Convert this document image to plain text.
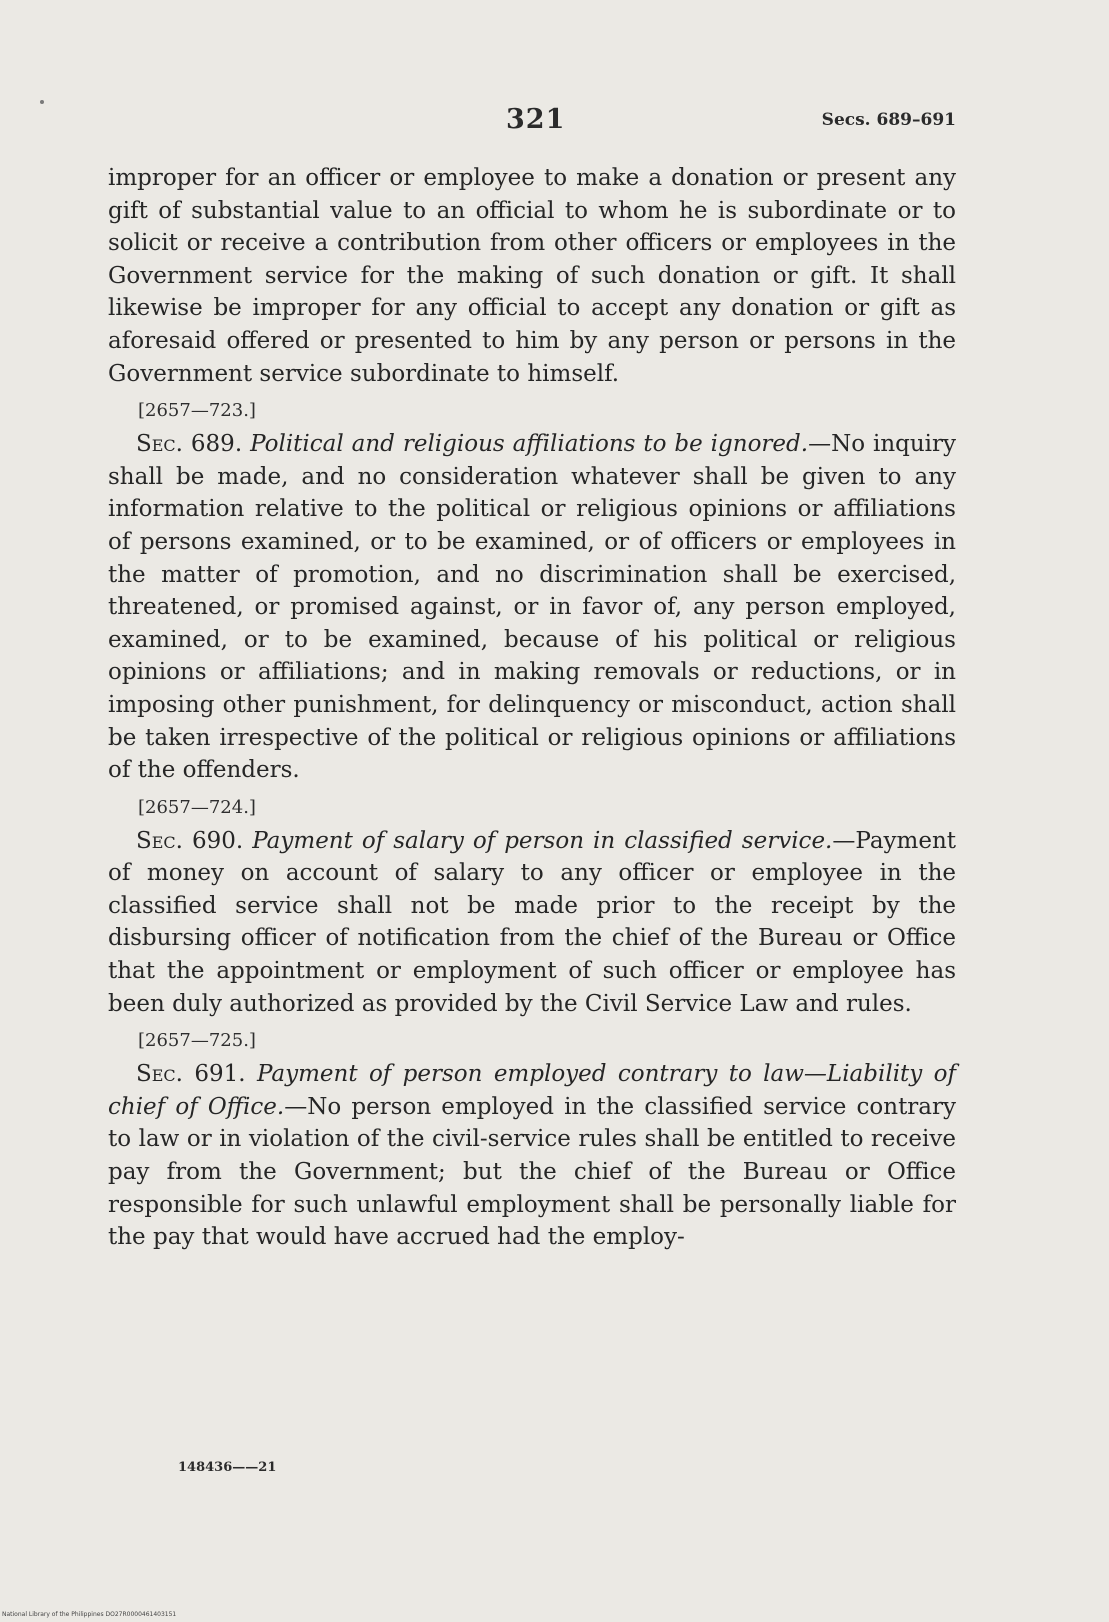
321	Secs. 689–691

improper for an officer or employee to make a donation or present any gift of substantial value to an official to whom he is subordinate or to solicit or receive a contribution from other officers or employees in the Government service for the making of such donation or gift. It shall likewise be improper for any official to accept any donation or gift as aforesaid offered or presented to him by any person or persons in the Government service subordinate to himself.

[2657—723.]

Sec. 689. Political and religious affiliations to be ignored.—No inquiry shall be made, and no consideration whatever shall be given to any information relative to the political or religious opinions or affiliations of persons examined, or to be examined, or of officers or employees in the matter of promotion, and no discrimination shall be exercised, threatened, or promised against, or in favor of, any person employed, examined, or to be examined, because of his political or religious opinions or affiliations; and in making removals or reductions, or in imposing other punishment, for delinquency or misconduct, action shall be taken irrespective of the political or religious opinions or affiliations of the offenders.

[2657—724.]

Sec. 690. Payment of salary of person in classified service.—Payment of money on account of salary to any officer or employee in the classified service shall not be made prior to the receipt by the disbursing officer of notification from the chief of the Bureau or Office that the appointment or employment of such officer or employee has been duly authorized as provided by the Civil Service Law and rules.

[2657—725.]

Sec. 691. Payment of person employed contrary to law—Liability of chief of Office.—No person employed in the classified service contrary to law or in violation of the civil-service rules shall be entitled to receive pay from the Government; but the chief of the Bureau or Office responsible for such unlawful employment shall be personally liable for the pay that would have accrued had the employ-

148436——21
National Library of the Philippines DO27R0000461403151
